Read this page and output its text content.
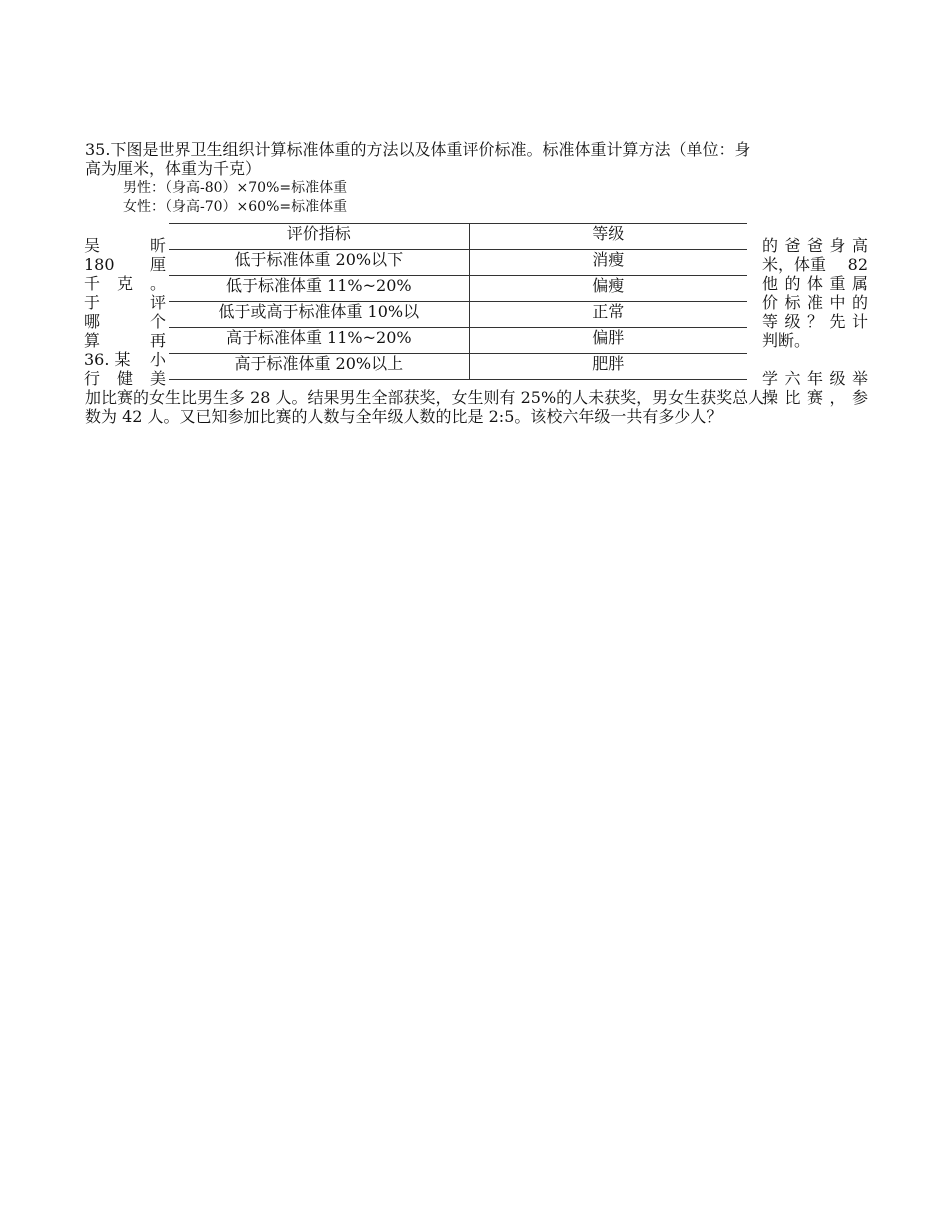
35.下图是世界卫生组织计算标准体重的方法以及体重评价标准。标准体重计算方法（单位：身
高为厘米，体重为千克）
男性：（身高-80）×70%=标准体重
女性：（身高-70）×60%=标准体重
评价指标	等级
低于标准体重 20%以下	消瘦
低于标准体重 11%~20%	偏瘦
低于或高于标准体重 10%以	正常
高于标准体重 11%~20%	偏胖
高于标准体重 20%以上	肥胖
吴	昕
180 厘
千 克 。
于	评
哪	个
算	再
36. 某 小
行 健 美
的 爸 爸 身 高
米，体重 82
他 的 体 重 属
价 标 准 中 的
等 级 ？ 先 计
判断。
学 六 年 级 举
操 比 赛 ， 参
加比赛的女生比男生多 28 人。结果男生全部获奖，女生则有 25%的人未获奖，男女生获奖总人
数为 42 人。又已知参加比赛的人数与全年级人数的比是 2:5。该校六年级一共有多少人？
